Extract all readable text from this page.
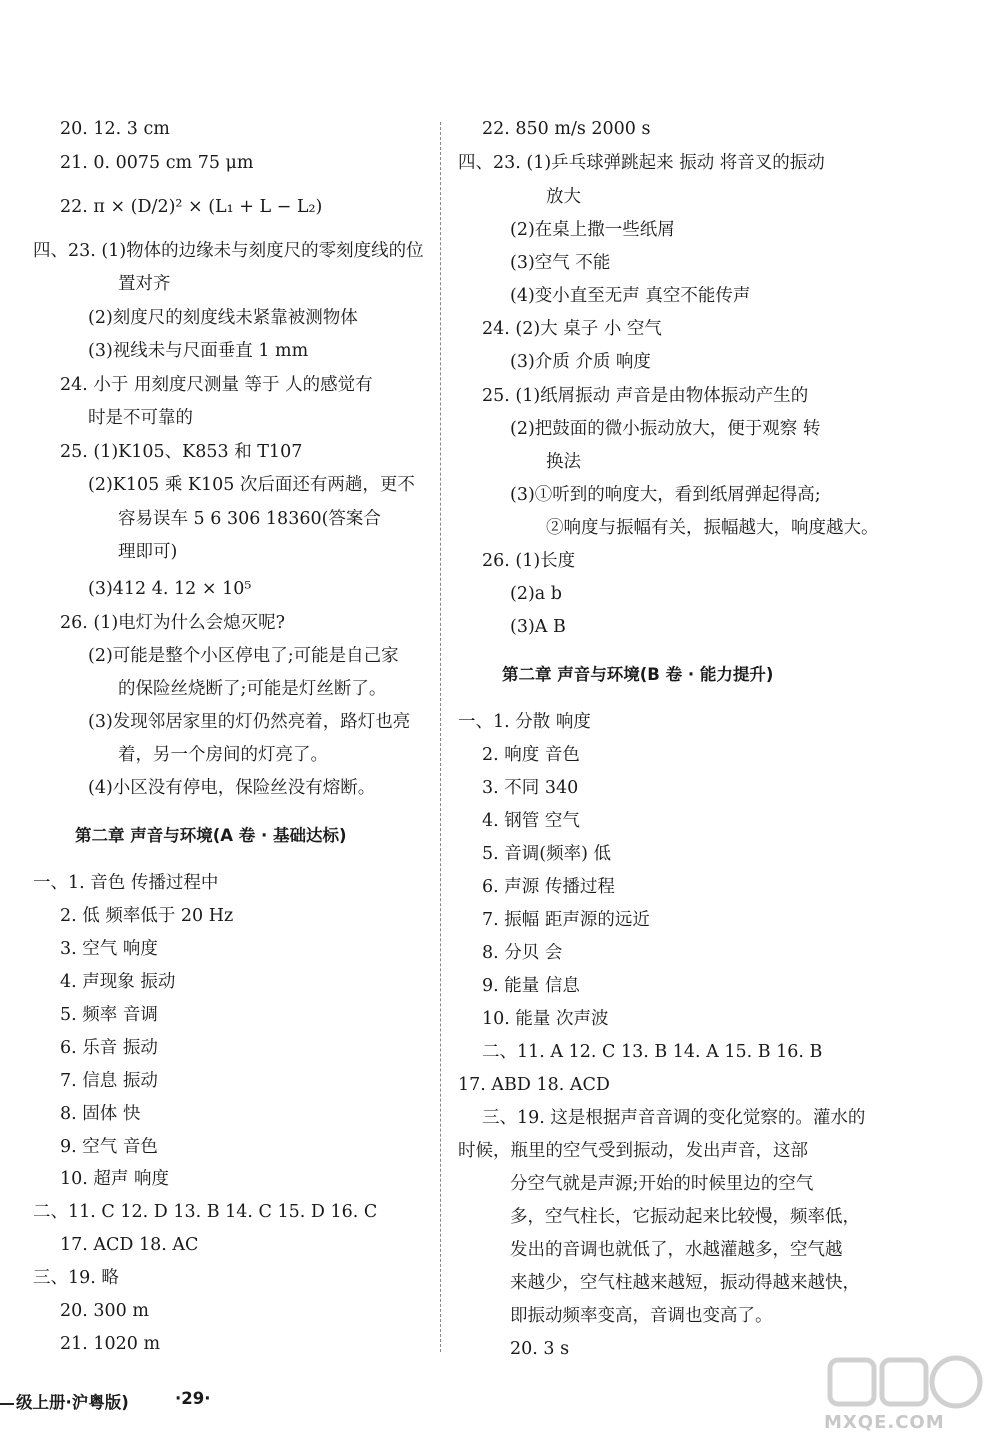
20. 12. 3 cm
21. 0. 0075 cm 75 μm
22. π × (D/2)² × (L₁ + L − L₂)
四、23. (1)物体的边缘未与刻度尺的零刻度线的位
置对齐
(2)刻度尺的刻度线未紧靠被测物体
(3)视线未与尺面垂直 1 mm
24. 小于 用刻度尺测量 等于 人的感觉有
时是不可靠的
25. (1)K105、K853 和 T107
(2)K105 乘 K105 次后面还有两趟，更不
容易误车 5 6 306 18360(答案合
理即可)
(3)412 4. 12 × 10⁵
26. (1)电灯为什么会熄灭呢?
(2)可能是整个小区停电了;可能是自己家
的保险丝烧断了;可能是灯丝断了。
(3)发现邻居家里的灯仍然亮着，路灯也亮
着，另一个房间的灯亮了。
(4)小区没有停电，保险丝没有熔断。
第二章 声音与环境(A 卷 · 基础达标)
一、1. 音色 传播过程中
2. 低 频率低于 20 Hz
3. 空气 响度
4. 声现象 振动
5. 频率 音调
6. 乐音 振动
7. 信息 振动
8. 固体 快
9. 空气 音色
10. 超声 响度
二、11. C 12. D 13. B 14. C 15. D 16. C
17. ACD 18. AC
三、19. 略
20. 300 m
21. 1020 m
22. 850 m/s 2000 s
四、23. (1)乒乓球弹跳起来 振动 将音叉的振动
放大
(2)在桌上撒一些纸屑
(3)空气 不能
(4)变小直至无声 真空不能传声
24. (2)大 桌子 小 空气
(3)介质 介质 响度
25. (1)纸屑振动 声音是由物体振动产生的
(2)把鼓面的微小振动放大，便于观察 转
换法
(3)①听到的响度大，看到纸屑弹起得高;
②响度与振幅有关，振幅越大，响度越大。
26. (1)长度
(2)a b
(3)A B
第二章 声音与环境(B 卷 · 能力提升)
一、1. 分散 响度
2. 响度 音色
3. 不同 340
4. 钢管 空气
5. 音调(频率) 低
6. 声源 传播过程
7. 振幅 距声源的远近
8. 分贝 会
9. 能量 信息
10. 能量 次声波
二、11. A 12. C 13. B 14. A 15. B 16. B
17. ABD 18. ACD
三、19. 这是根据声音音调的变化觉察的。灌水的
时候，瓶里的空气受到振动，发出声音，这部
分空气就是声源;开始的时候里边的空气
多，空气柱长，它振动起来比较慢，频率低，
发出的音调也就低了，水越灌越多，空气越
来越少，空气柱越来越短，振动得越来越快，
即振动频率变高，音调也变高了。
20. 3 s
级上册·沪粤版)	·29·
MXQE.COM
